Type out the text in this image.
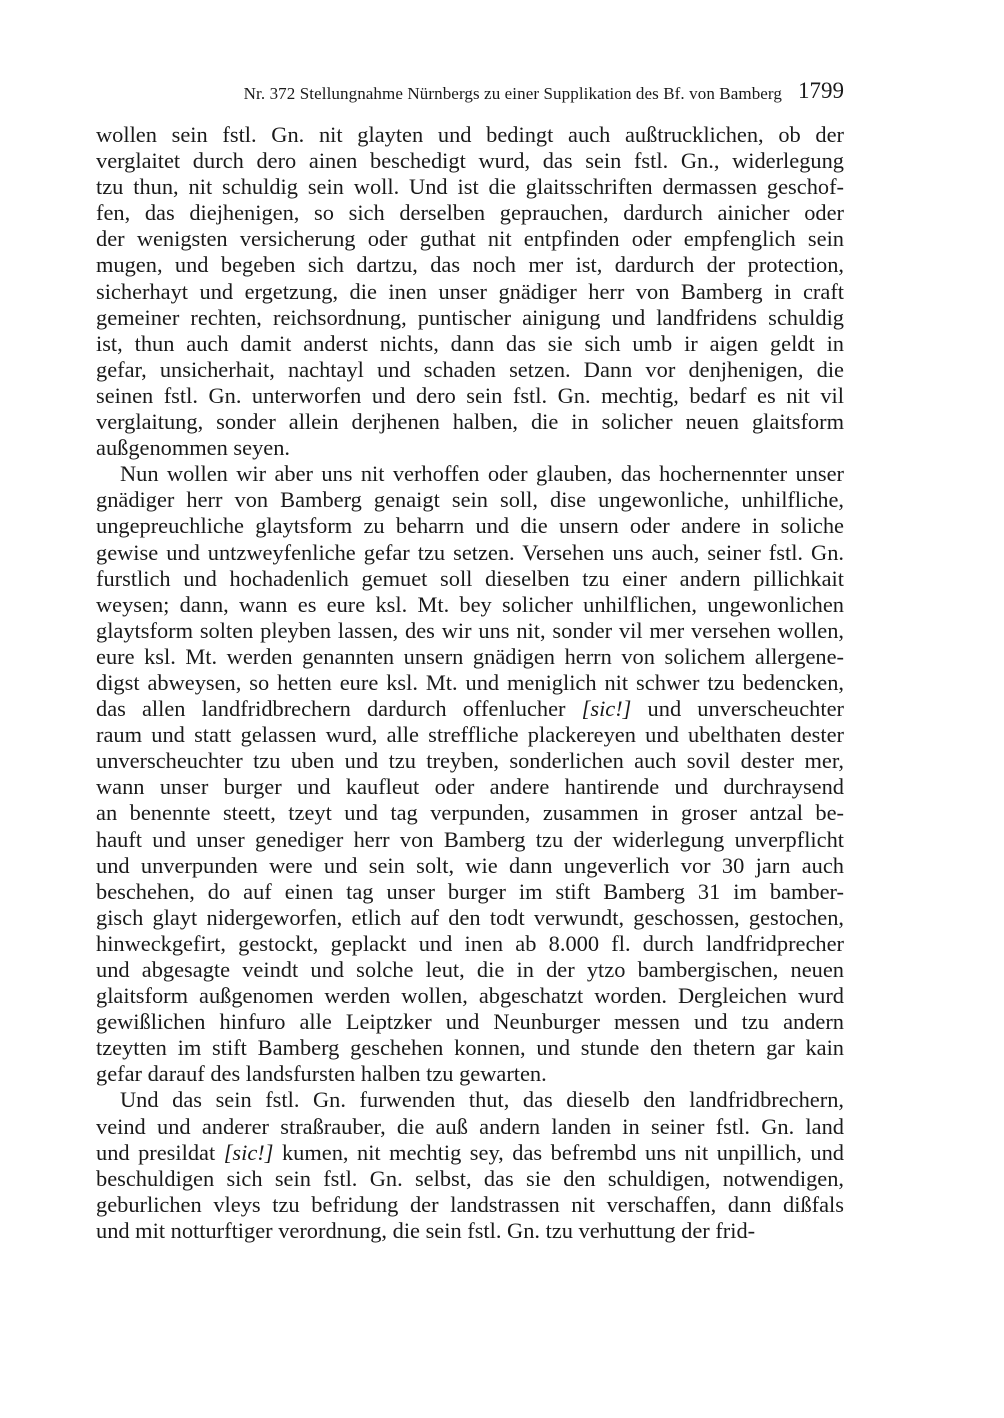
Nr. 372 Stellungnahme Nürnbergs zu einer Supplikation des Bf. von Bamberg 1799
wollen sein fstl. Gn. nit glayten und bedingt auch außtrucklichen, ob der
verglaitet durch dero ainen beschedigt wurd, das sein fstl. Gn., widerlegung
tzu thun, nit schuldig sein woll. Und ist die glaitsschriften dermassen geschof-
fen, das diejhenigen, so sich derselben geprauchen, dardurch ainicher oder
der wenigsten versicherung oder guthat nit entpfinden oder empfenglich sein
mugen, und begeben sich dartzu, das noch mer ist, dardurch der protection,
sicherhayt und ergetzung, die inen unser gnädiger herr von Bamberg in craft
gemeiner rechten, reichsordnung, puntischer ainigung und landfridens schuldig
ist, thun auch damit anderst nichts, dann das sie sich umb ir aigen geldt in
gefar, unsicherhait, nachtayl und schaden setzen. Dann vor denjhenigen, die
seinen fstl. Gn. unterworfen und dero sein fstl. Gn. mechtig, bedarf es nit vil
verglaitung, sonder allein derjhenen halben, die in solicher neuen glaitsform
außgenommen seyen.
Nun wollen wir aber uns nit verhoffen oder glauben, das hochernennter unser
gnädiger herr von Bamberg genaigt sein soll, dise ungewonliche, unhilfliche,
ungepreuchliche glaytsform zu beharrn und die unsern oder andere in soliche
gewise und untzweyfenliche gefar tzu setzen. Versehen uns auch, seiner fstl. Gn.
furstlich und hochadenlich gemuet soll dieselben tzu einer andern pillichkait
weysen; dann, wann es eure ksl. Mt. bey solicher unhilflichen, ungewonlichen
glaytsform solten pleyben lassen, des wir uns nit, sonder vil mer versehen wollen,
eure ksl. Mt. werden genannten unsern gnädigen herrn von solichem allergene-
digst abweysen, so hetten eure ksl. Mt. und meniglich nit schwer tzu bedencken,
das allen landfridbrechern dardurch offenlucher [sic!] und unverscheuchter
raum und statt gelassen wurd, alle streffliche plackereyen und ubelthaten dester
unverscheuchter tzu uben und tzu treyben, sonderlichen auch sovil dester mer,
wann unser burger und kaufleut oder andere hantirende und durchraysend
an benennte steett, tzeyt und tag verpunden, zusammen in groser antzal be-
hauft und unser genediger herr von Bamberg tzu der widerlegung unverpflicht
und unverpunden were und sein solt, wie dann ungeverlich vor 30 jarn auch
beschehen, do auf einen tag unser burger im stift Bamberg 31 im bamber-
gisch glayt nidergeworfen, etlich auf den todt verwundt, geschossen, gestochen,
hinweckgefirt, gestockt, geplackt und inen ab 8.000 fl. durch landfridprecher
und abgesagte veindt und solche leut, die in der ytzo bambergischen, neuen
glaitsform außgenomen werden wollen, abgeschatzt worden. Dergleichen wurd
gewißlichen hinfuro alle Leiptzker und Neunburger messen und tzu andern
tzeytten im stift Bamberg geschehen konnen, und stunde den thetern gar kain
gefar darauf des landsfursten halben tzu gewarten.
Und das sein fstl. Gn. furwenden thut, das dieselb den landfridbrechern,
veind und anderer straßrauber, die auß andern landen in seiner fstl. Gn. land
und presildat [sic!] kumen, nit mechtig sey, das befrembd uns nit unpillich, und
beschuldigen sich sein fstl. Gn. selbst, das sie den schuldigen, notwendigen,
geburlichen vleys tzu befridung der landstrassen nit verschaffen, dann dißfals
und mit notturftiger verordnung, die sein fstl. Gn. tzu verhuttung der frid-
